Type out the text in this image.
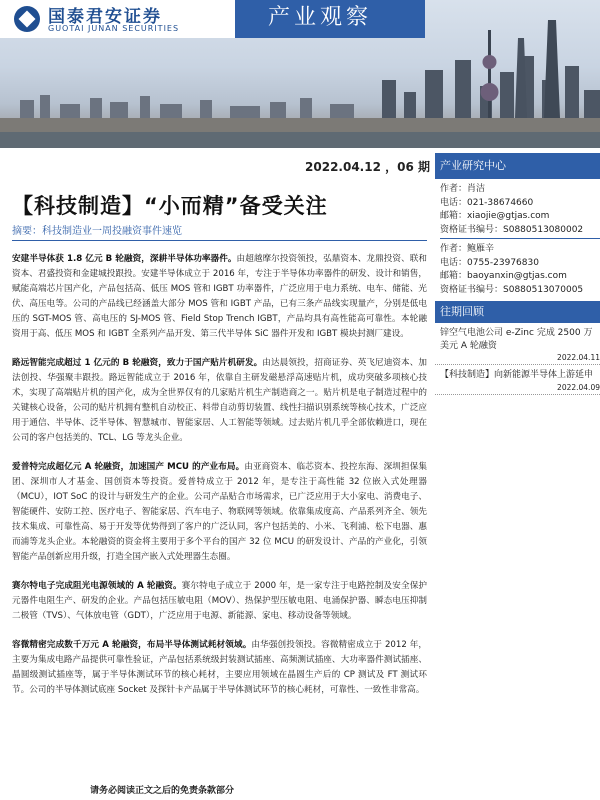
国泰君安证券
GUOTAI JUNAN SECURITIES	产业观察
2022.04.12 ，06 期
【科技制造】“小而精”备受关注
摘要：科技制造业一周投融资事件速览

安建半导体获 1.8 亿元 B 轮融资，深耕半导体功率器件。由超越摩尔投资领投，弘鼎资本、龙鼎投资、联和资本、君盛投资和金建城投跟投。安建半导体成立于 2016 年，专注于半导体功率器件的研发、设计和销售，赋能高端芯片国产化，产品包括高、低压 MOS 管和 IGBT 功率器件，广泛应用于电力系统、电车、储能、光伏、高压电等。公司的产品线已经涵盖大部分 MOS 管和 IGBT 产品，已有三条产品线实现量产，分别是低电压的 SGT-MOS 管、高电压的 SJ-MOS 管、Field Stop Trench IGBT，产品均具有高性能高可靠性。本轮融资用于高、低压 MOS 和 IGBT 全系列产品开发、第三代半导体 SiC 器件开发和 IGBT 模块封测厂建设。

路远智能完成超过 1 亿元的 B 轮融资，致力于国产贴片机研发。由达晨领投，招商证券、英飞尼迪资本、加法创投、华强聚丰跟投。路远智能成立于 2016 年，依靠自主研发磁悬浮高速贴片机，成功突破多项核心技术，实现了高端贴片机的国产化，成为全世界仅有的几家贴片机生产制造商之一。贴片机是电子制造过程中的关键核心设备，公司的贴片机拥有整机自动校正、料带自动剪切装置、线性扫描识别系统等核心技术，广泛应用于通信、半导体、泛半导体、智慧城市、智能家居、人工智能等领域。过去贴片机几乎全部依赖进口，现在公司的客户包括美的、TCL、LG 等龙头企业。

爱普特完成超亿元 A 轮融资，加速国产 MCU 的产业布局。由亚商资本、临芯资本、投控东海、深圳担保集团、深圳市人才基金、国创资本等投资。爱普特成立于 2012 年，是专注于高性能 32 位嵌入式处理器（MCU），IOT SoC 的设计与研发生产的企业。公司产品贴合市场需求，已广泛应用于大小家电、消费电子、智能硬件、安防工控、医疗电子、智能家居、汽车电子、物联网等领域。依靠集成度高、产品系列齐全、领先技术集成、可靠性高、易于开发等优势得到了客户的广泛认同，客户包括美的、小米、飞利浦、松下电器、惠而浦等龙头企业。本轮融资的资金将主要用于多个平台的国产 32 位 MCU 的研发设计、产品的产业化，引领智能产品创新应用升级，打造全国产嵌入式处理器生态圈。

赛尔特电子完成阻光电源领域的 A 轮融资。赛尔特电子成立于 2000 年，是一家专注于电路控制及安全保护元器件电阻生产、研发的企业。产品包括压敏电阻（MOV）、热保护型压敏电阻、电涌保护器、瞬态电压抑制二极管（TVS）、气体放电管（GDT），广泛应用于电源、新能源、家电、移动设备等领域。

容微精密完成数千万元 A 轮融资，布局半导体测试耗材领域。由华强创投领投。容微精密成立于 2012 年，主要为集成电路产品提供可靠性验证，产品包括系统级封装测试插座、高频测试插座、大功率器件测试插座、晶圆级测试插座等，属于半导体测试环节的核心耗材，主要应用领域在晶圆生产后的 CP 测试及 FT 测试环节。公司的半导体测试底座 Socket 及探针卡产品属于半导体测试环节的核心耗材，可靠性、一致性非常高。

请务必阅读正文之后的免责条款部分
产业研究中心
作者：肖洁
电话：021-38674660
邮箱：xiaojie@gtjas.com
资格证书编号：S0880513080002
作者：鲍雁辛
电话：0755-23976830
邮箱：baoyanxin@gtjas.com
资格证书编号：S0880513070005
往期回顾
锌空气电池公司 e-Zinc 完成 2500 万美元 A 轮融资
2022.04.11
【科技制造】向新能源半导体上游延申
2022.04.09
